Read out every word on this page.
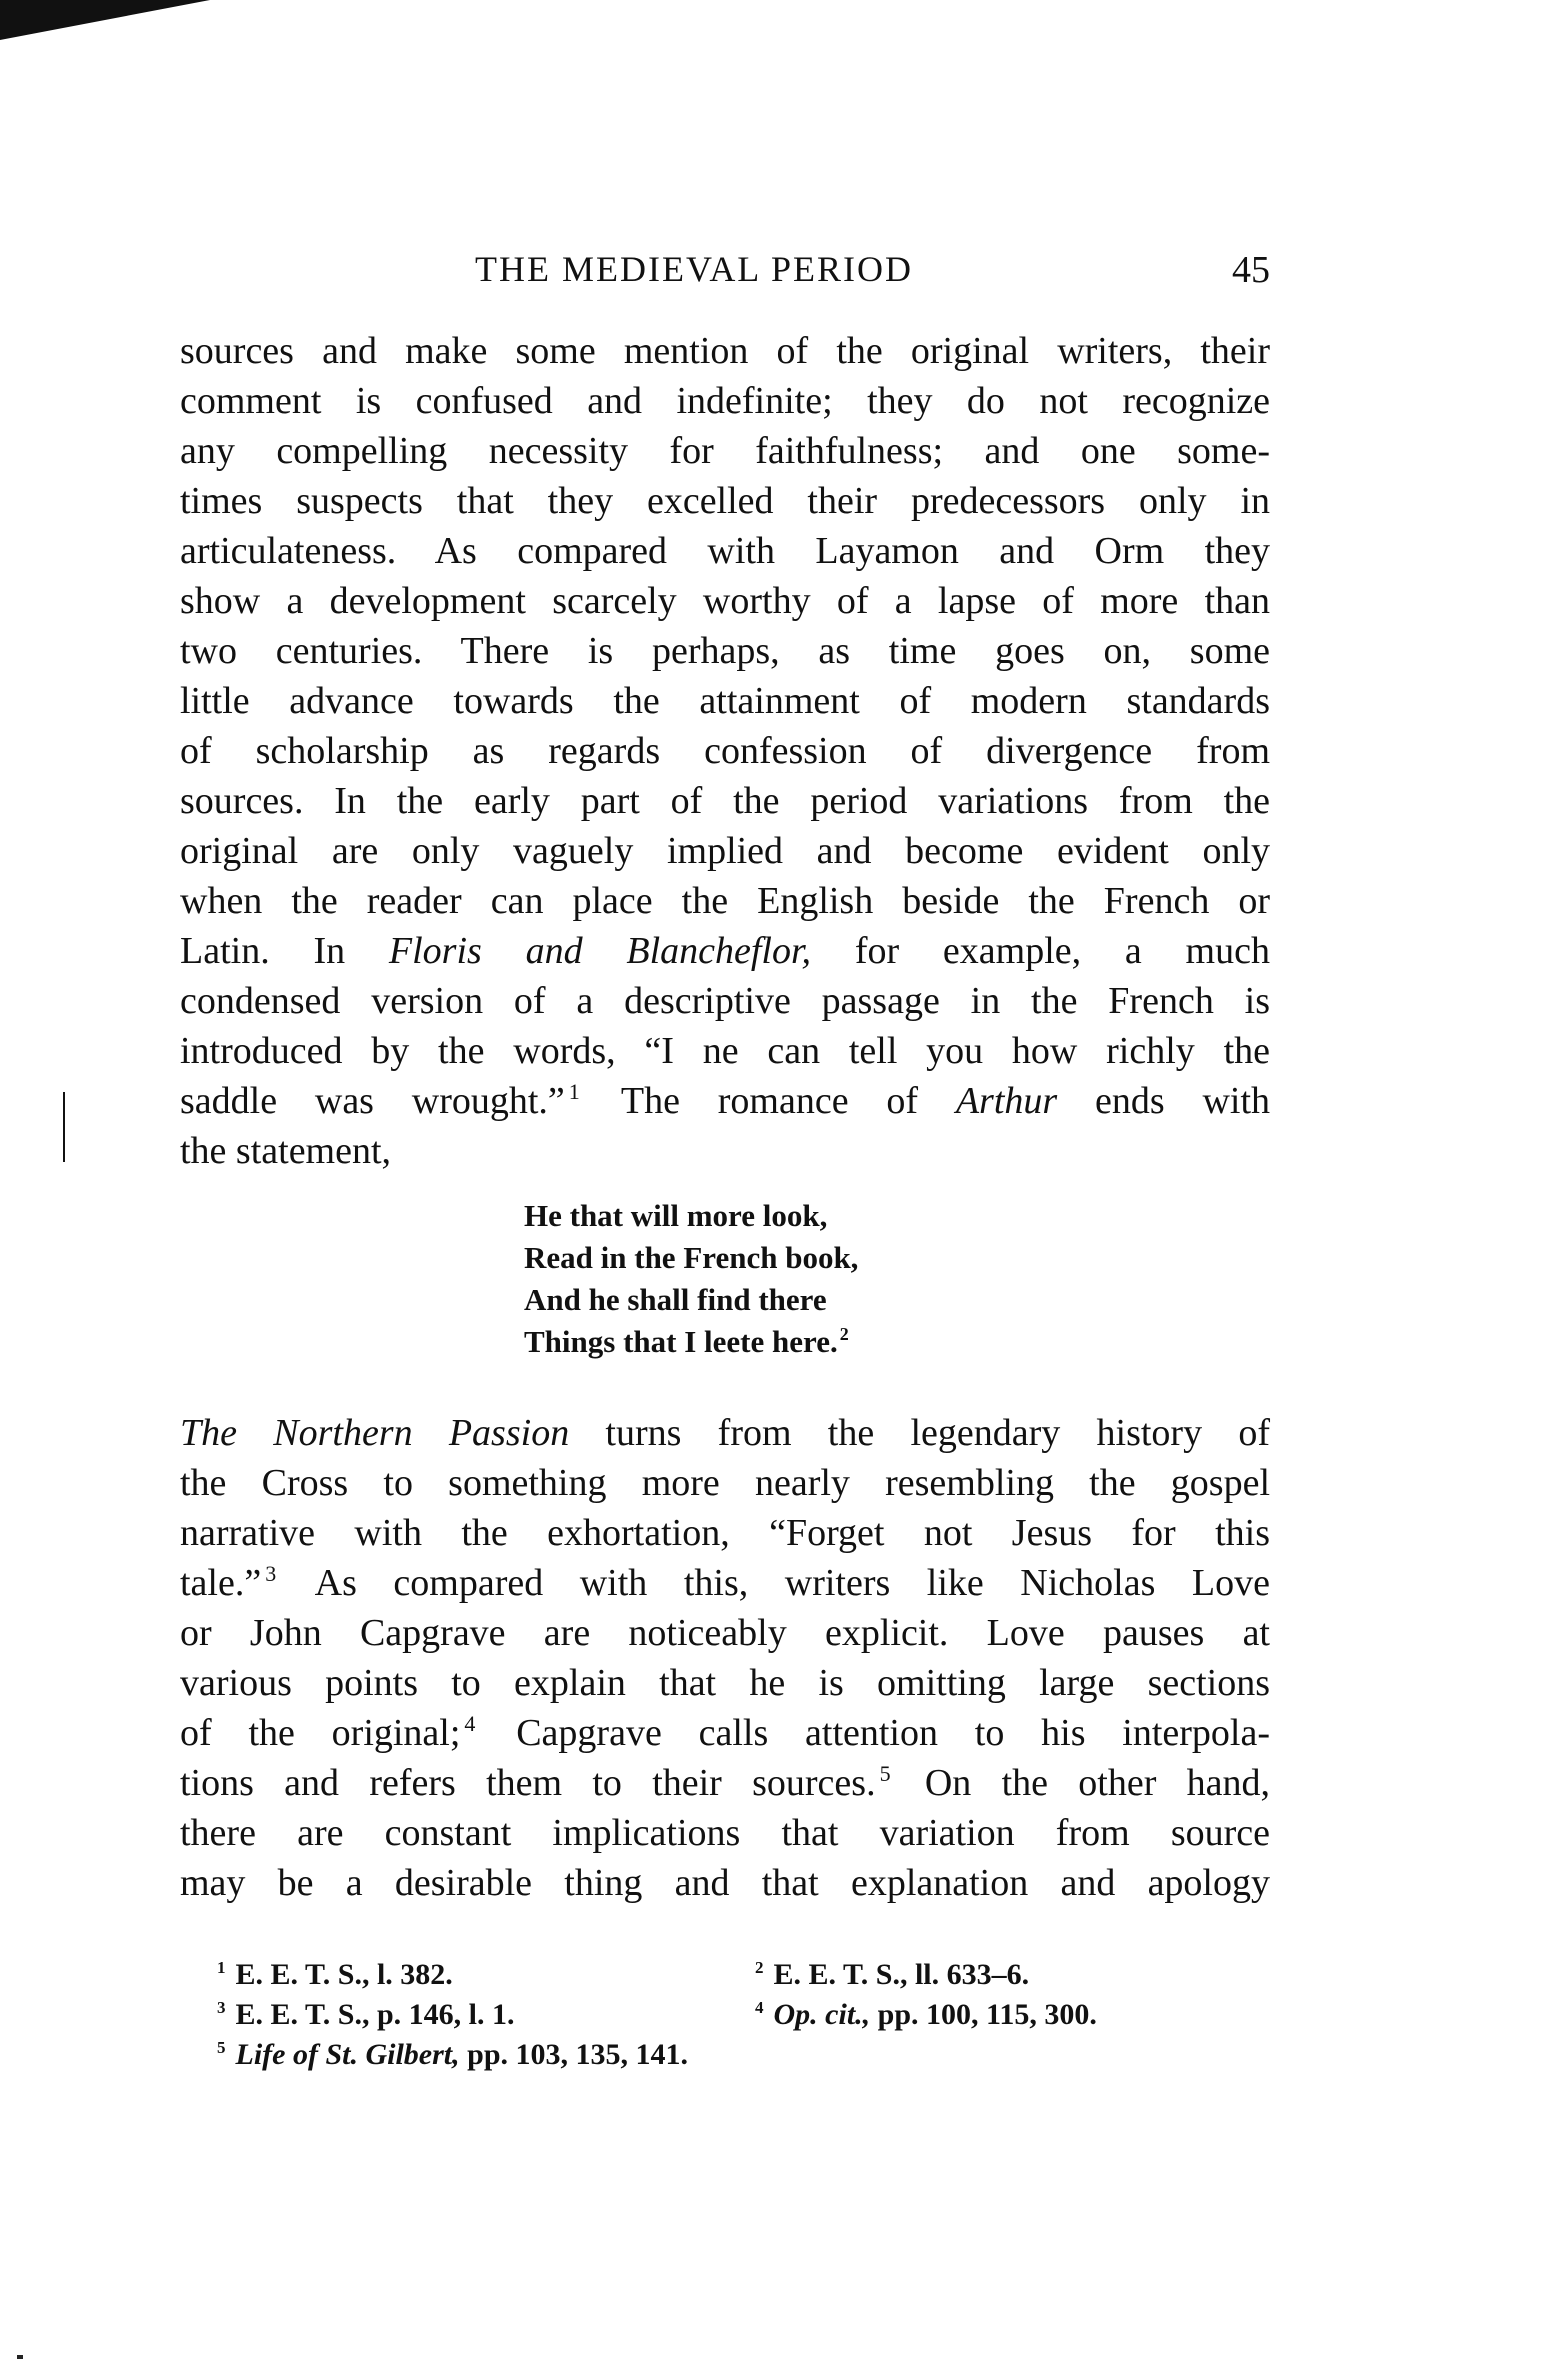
THE MEDIEVAL PERIOD	45
sources and make some mention of the original writers, their
comment is confused and indefinite; they do not recognize
any compelling necessity for faithfulness; and one some-
times suspects that they excelled their predecessors only in
articulateness. As compared with Layamon and Orm they
show a development scarcely worthy of a lapse of more than
two centuries. There is perhaps, as time goes on, some
little advance towards the attainment of modern standards
of scholarship as regards confession of divergence from
sources. In the early part of the period variations from the
original are only vaguely implied and become evident only
when the reader can place the English beside the French or
Latin. In Floris and Blancheflor, for example, a much
condensed version of a descriptive passage in the French is
introduced by the words, “I ne can tell you how richly the
saddle was wrought.” $^1$ The romance of Arthur ends with
the statement,
He that will more look,
Read in the French book,
And he shall find there
Things that I leete here. $^2$
The Northern Passion turns from the legendary history of
the Cross to something more nearly resembling the gospel
narrative with the exhortation, “Forget not Jesus for this
tale.” $^3$ As compared with this, writers like Nicholas Love
or John Capgrave are noticeably explicit. Love pauses at
various points to explain that he is omitting large sections
of the original; $^4$ Capgrave calls attention to his interpola-
tions and refers them to their sources. $^5$ On the other hand,
there are constant implications that variation from source
may be a desirable thing and that explanation and apology
$^1$ E. E. T. S., l. 382.	$^2$ E. E. T. S., ll. 633–6.
$^3$ E. E. T. S., p. 146, l. 1.	$^4$ Op. cit., pp. 100, 115, 300.
$^5$ Life of St. Gilbert, pp. 103, 135, 141.
